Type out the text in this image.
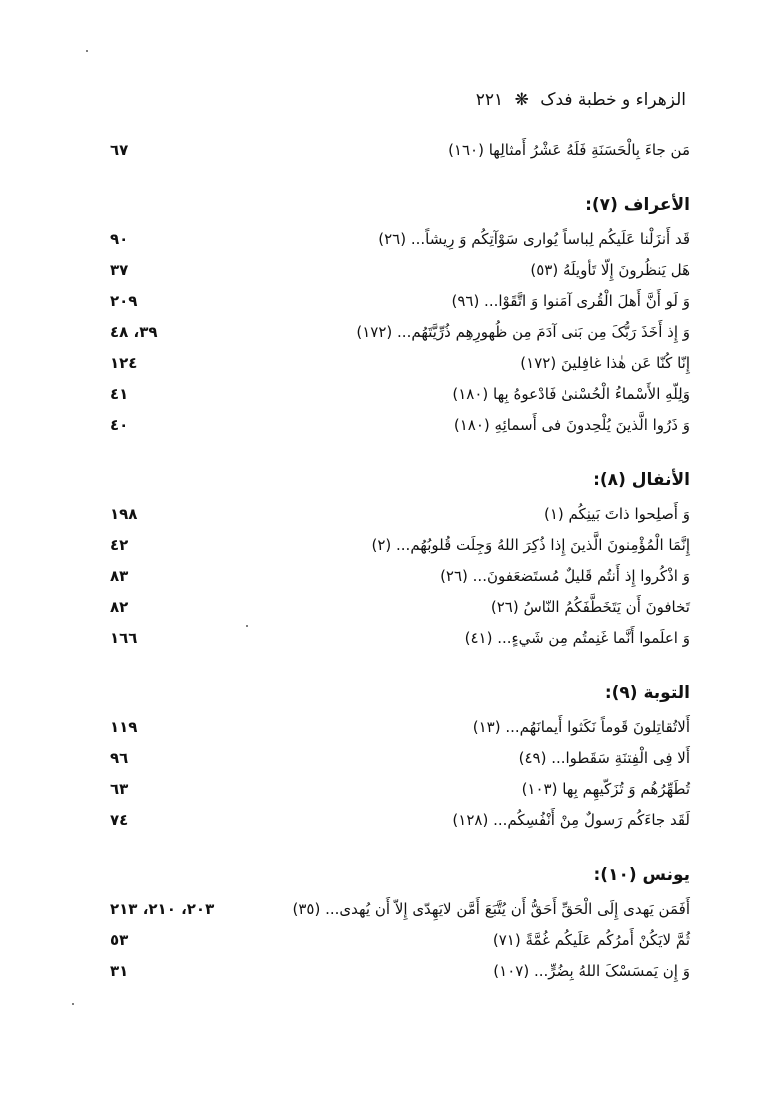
الزهراء و خطبة فدک ❋ ٢٢١
مَن جاءَ بِالْحَسَنَةِ فَلَهُ عَشْرُ أَمثالِها (١٦٠)
٦٧
الأعراف (٧):
قَد أَنزَلْنا عَلَيكُم لِباساً يُوارى سَوْآتِكُم وَ رِيشاً... (٢٦)
٩٠
هَل يَنظُرونَ إِلّا تَأويلَهُ (٥٣)
٣٧
وَ لَو أَنَّ أَهلَ الْقُرى آمَنوا وَ اتَّقَوْا... (٩٦)
٢٠٩
وَ إِذ أَخَذَ رَبُّکَ مِن بَنى آدَمَ مِن ظُهورِهِم ذُرِّيَّتَهُم... (١٧٢)
٣٩، ٤٨
إِنّا كُنّا عَن هٰذا غافِلينَ (١٧٢)
١٢٤
وَلِلّهِ الأَسْماءُ الْحُسْنىٰ فَادْعوهُ بِها (١٨٠)
٤١
وَ ذَرُوا الَّذينَ يُلْحِدونَ فى أَسمائِهِ (١٨٠)
٤٠
الأنفال (٨):
وَ أَصلِحوا ذاتَ بَينِكُم (١)
١٩٨
إِنَّمَا الْمُؤْمِنونَ الَّذينَ إِذا ذُكِرَ اللهُ وَجِلَت قُلوبُهُم... (٢)
٤٢
وَ اذْكُروا إِذ أَنتُم قَليلٌ مُستَضعَفونَ... (٢٦)
٨٣
تَخافونَ أَن يَتَخَطَّفَكُمُ النّاسُ (٢٦)
٨٢
وَ اعلَموا أَنَّما غَنِمتُم مِن شَيءٍ... (٤١)
١٦٦
التوبة (٩):
أَلاتُقاتِلونَ قَوماً نَكَثوا أَيمانَهُم... (١٣)
١١٩
أَلا فِى الْفِتنَةِ سَقَطوا... (٤٩)
٩٦
تُطَهِّرُهُم وَ تُزَكّيهِم بِها (١٠٣)
٦٣
لَقَد جاءَكُم رَسولٌ مِنْ أَنْفُسِكُم... (١٢٨)
٧٤
يونس (١٠):
أَفَمَن يَهدى إِلَى الْحَقِّ أَحَقُّ أَن يُتَّبَعَ أَمَّن لايَهِدّى إِلاّ أَن يُهدى... (٣٥)
٢٠٣، ٢١٠، ٢١٣
ثُمَّ لايَكُنْ أَمرُكُم عَلَيكُم غُمَّةً (٧١)
٥٣
وَ إِن يَمسَسْکَ اللهُ بِضُرٍّ... (١٠٧)
٣١
